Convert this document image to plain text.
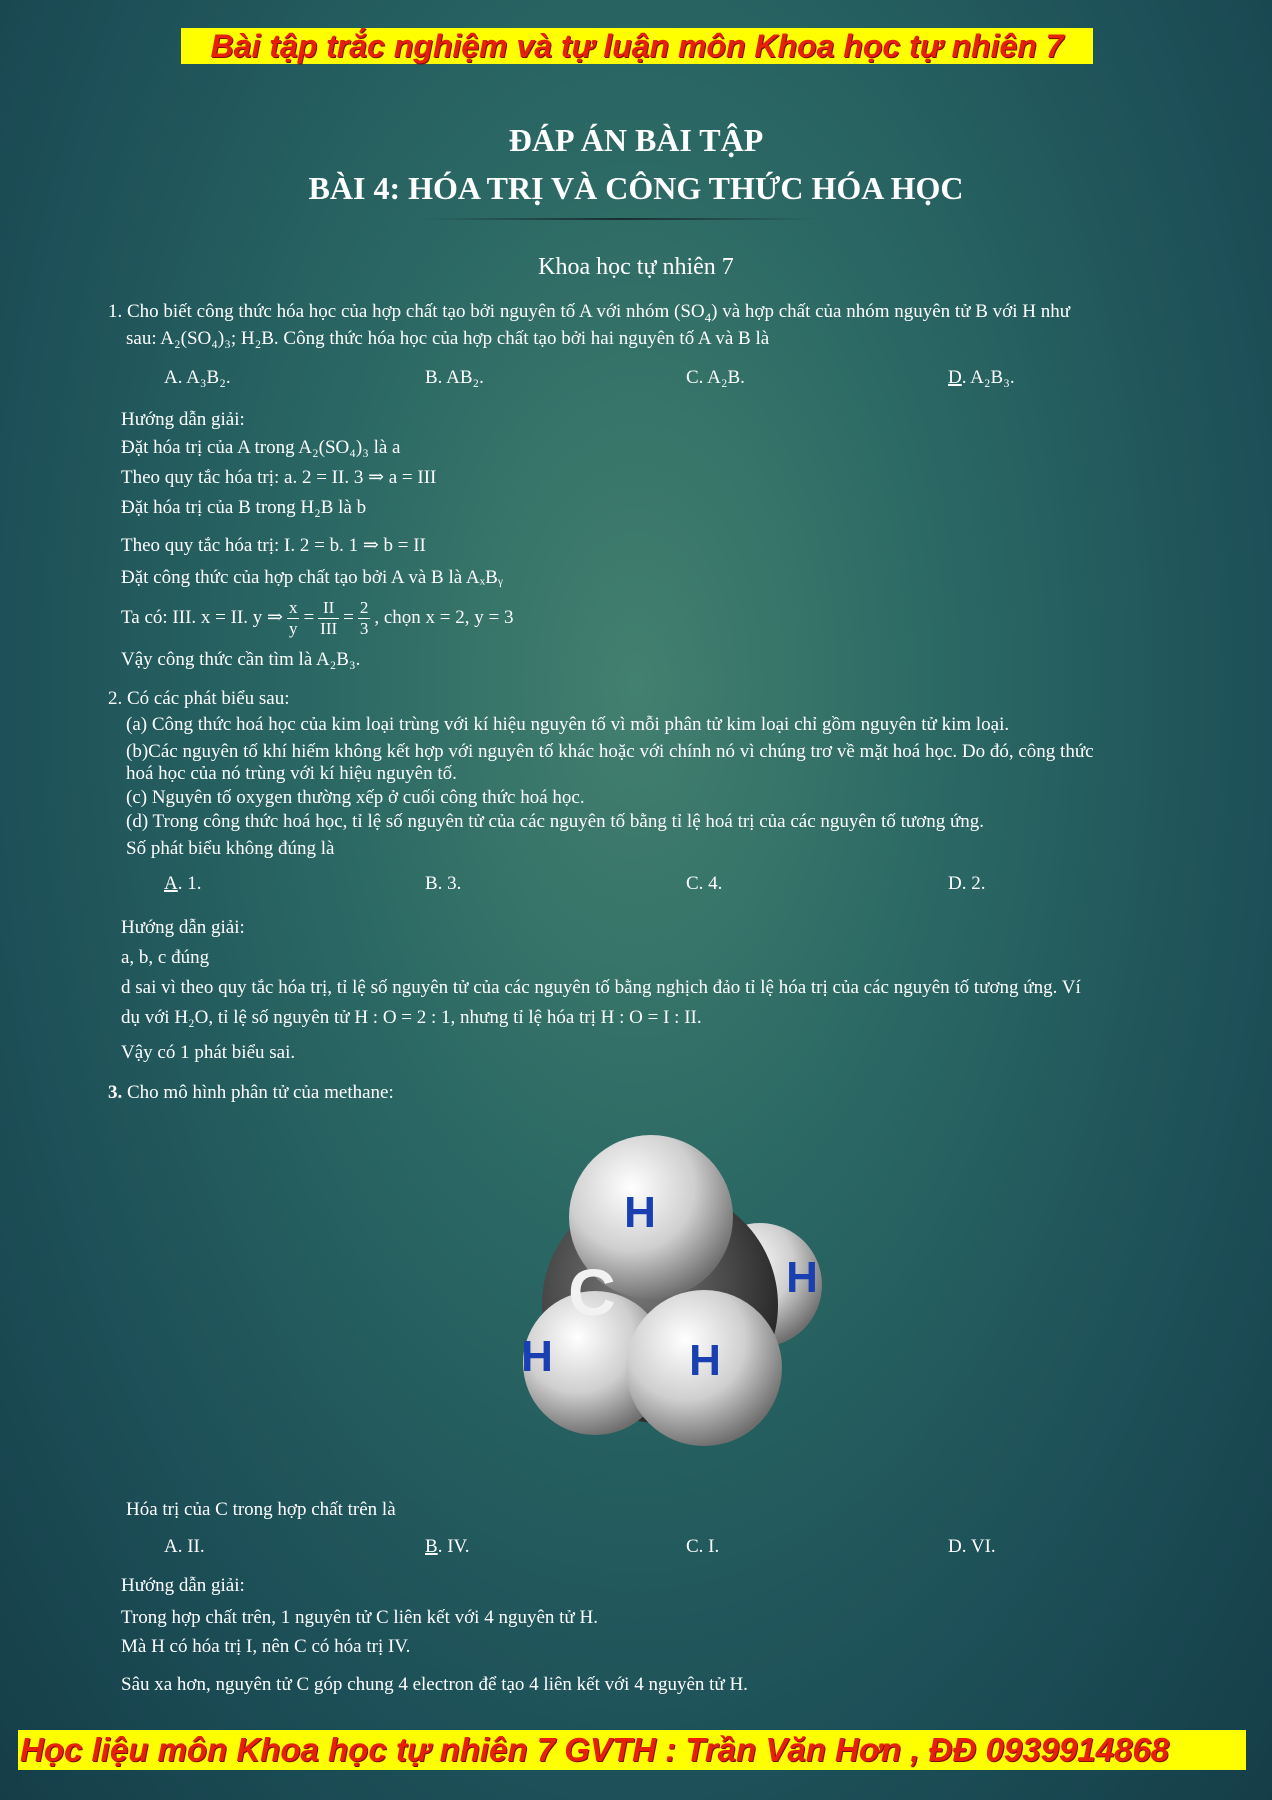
Bài tập trắc nghiệm và tự luận môn Khoa học tự nhiên 7
ĐÁP ÁN BÀI TẬP
BÀI 4: HÓA TRỊ VÀ CÔNG THỨC HÓA HỌC
Khoa học tự nhiên 7
1. Cho biết công thức hóa học của hợp chất tạo bởi nguyên tố A với nhóm $(SO_4)$ và hợp chất của nhóm nguyên tử B với H như
sau: A₂(SO₄)₃; H₂B. Công thức hóa học của hợp chất tạo bởi hai nguyên tố A và B là
A. A₃B₂.	B. AB₂.	C. A₂B.	D. A₂B₃.
Hướng dẫn giải:
Đặt hóa trị của A trong A₂(SO₄)₃ là a
Theo quy tắc hóa trị: a. 2 = II. 3 ⇒ a = III
Đặt hóa trị của B trong H₂B là b
Theo quy tắc hóa trị: I. 2 = b. 1 ⇒ b = II
Đặt công thức của hợp chất tạo bởi A và B là AₓBᵧ
Ta có: III. x = II. y ⇒ $\frac{x}{y} = \frac{II}{\text{III}} = \frac{2}{3}$ , chọn x = 2, y = 3
Vậy công thức cần tìm là A₂B₃.
2. Có các phát biểu sau:
(a) Công thức hoá học của kim loại trùng với kí hiệu nguyên tố vì mỗi phân tử kim loại chỉ gồm nguyên tử kim loại.
(b)Các nguyên tố khí hiếm không kết hợp với nguyên tố khác hoặc với chính nó vì chúng trơ về mặt hoá học. Do đó, công thức
hoá học của nó trùng với kí hiệu nguyên tố.
(c) Nguyên tố oxygen thường xếp ở cuối công thức hoá học.
(d) Trong công thức hoá học, tỉ lệ số nguyên tử của các nguyên tố bằng tỉ lệ hoá trị của các nguyên tố tương ứng.
Số phát biểu không đúng là
A. 1.	B. 3.	C. 4.	D. 2.
Hướng dẫn giải:
a, b, c đúng
d sai vì theo quy tắc hóa trị, tỉ lệ số nguyên tử của các nguyên tố bằng nghịch đảo tỉ lệ hóa trị của các nguyên tố tương ứng. Ví
dụ với H₂O, tỉ lệ số nguyên tử H : O = 2 : 1, nhưng tỉ lệ hóa trị H : O = I : II.
Vậy có 1 phát biểu sai.
3. Cho mô hình phân tử của methane:
C
H
H
H	H
Hóa trị của C trong hợp chất trên là
A. II.	B. IV.	C. I.	D. VI.
Hướng dẫn giải:
Trong hợp chất trên, 1 nguyên tử C liên kết với 4 nguyên tử H.
Mà H có hóa trị I, nên C có hóa trị IV.
Sâu xa hơn, nguyên tử C góp chung 4 electron để tạo 4 liên kết với 4 nguyên tử H.
Học liệu môn Khoa học tự nhiên 7 GVTH : Trần Văn Hơn , ĐĐ 0939914868
